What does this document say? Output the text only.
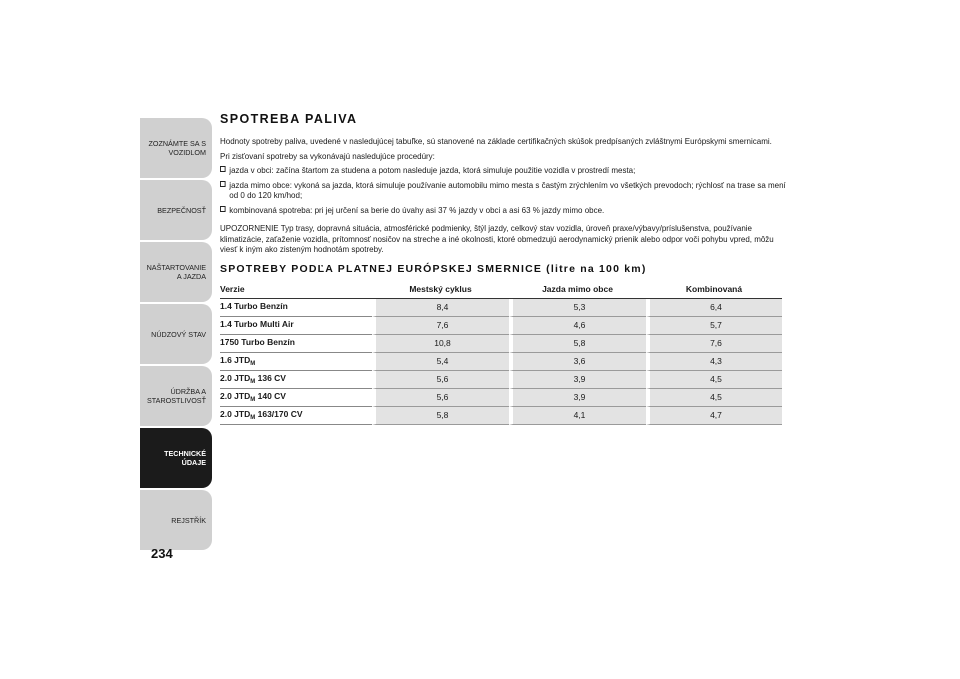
ZOZNÁMTE SA S VOZIDLOM
BEZPEČNOSŤ
NAŠTARTOVANIE A JAZDA
NÚDZOVÝ STAV
ÚDRŽBA A STAROSTLIVOSŤ
TECHNICKÉ ÚDAJE
REJSTŘÍK
234
SPOTREBA PALIVA
Hodnoty spotreby paliva, uvedené v nasledujúcej tabuľke, sú stanovené na základe certifikačných skúšok predpísaných zvláštnymi Európskymi smernicami.
Pri zisťovaní spotreby sa vykonávajú nasledujúce procedúry:
jazda v obci: začína štartom za studena a potom nasleduje jazda, ktorá simuluje použitie vozidla v prostredí mesta;
jazda mimo obce: vykoná sa jazda, ktorá simuluje používanie automobilu mimo mesta s častým zrýchlením vo všetkých prevodoch; rýchlosť na trase sa mení od 0 do 120 km/hod;
kombinovaná spotreba: pri jej určení sa berie do úvahy asi 37 % jazdy v obci a asi 63 % jazdy mimo obce.
UPOZORNENIE Typ trasy, dopravná situácia, atmosférické podmienky, štýl jazdy, celkový stav vozidla, úroveň praxe/výbavy/príslušenstva, používanie klimatizácie, zaťaženie vozidla, prítomnosť nosičov na streche a iné okolnosti, ktoré obmedzujú aerodynamický prienik alebo odpor voči pohybu vpred, môžu viesť k iným ako zisteným hodnotám spotreby.
SPOTREBY PODĽA PLATNEJ EURÓPSKEJ SMERNICE (litre na 100 km)
Verzie	Mestský cyklus	Jazda mimo obce	Kombinovaná
1.4 Turbo Benzín	8,4	5,3	6,4
1.4 Turbo Multi Air	7,6	4,6	5,7
1750 Turbo Benzín	10,8	5,8	7,6
1.6 $JTD_M$	5,4	3,6	4,3
2.0 $JTD_M$ 136 CV	5,6	3,9	4,5
2.0 $JTD_M$ 140 CV	5,6	3,9	4,5
2.0 $JTD_M$ 163/170 CV	5,8	4,1	4,7
